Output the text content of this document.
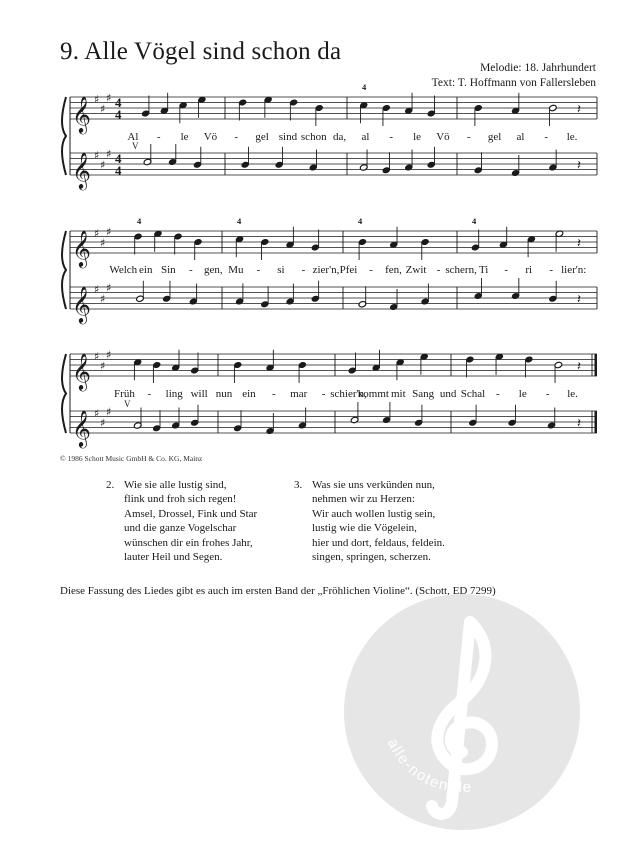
9. Alle Vögel sind schon da
Melodie: 18. Jahrhundert
Text: T. Hoffmann von Fallersleben
𝄞 ♯
♯
♯ 4
4
𝄞 ♯
♯
♯ 4
4
𝄽
𝄽
4
V
Al - le Vö - gel sind schon da, al - le Vö - gel al - le.
𝄞 ♯
♯
♯
𝄞 ♯
♯
♯
𝄽
𝄽
4	4	4	4
Welch ein Sin - gen, Mu - si - zier'n, Pfei - fen, Zwit - schern, Ti - ri - lier'n:
𝄞 ♯
♯
♯
𝄞 ♯
♯
♯
𝄽
𝄽
V
Früh - ling will nun ein - mar - schier'n,
kommt mit Sang und Schal - le - le.
© 1986 Schott Music GmbH & Co. KG, Mainz
2. Wie sie alle lustig sind,
flink und froh sich regen!
Amsel, Drossel, Fink und Star
und die ganze Vogelschar
wünschen dir ein frohes Jahr,
lauter Heil und Segen.
3. Was sie uns verkünden nun,
nehmen wir zu Herzen:
Wir auch wollen lustig sein,
lustig wie die Vögelein,
hier und dort, feldaus, feldein.
singen, springen, scherzen.
Diese Fassung des Liedes gibt es auch im ersten Band der „Fröhlichen Violine“. (Schott, ED 7299)
alle-noten.de
